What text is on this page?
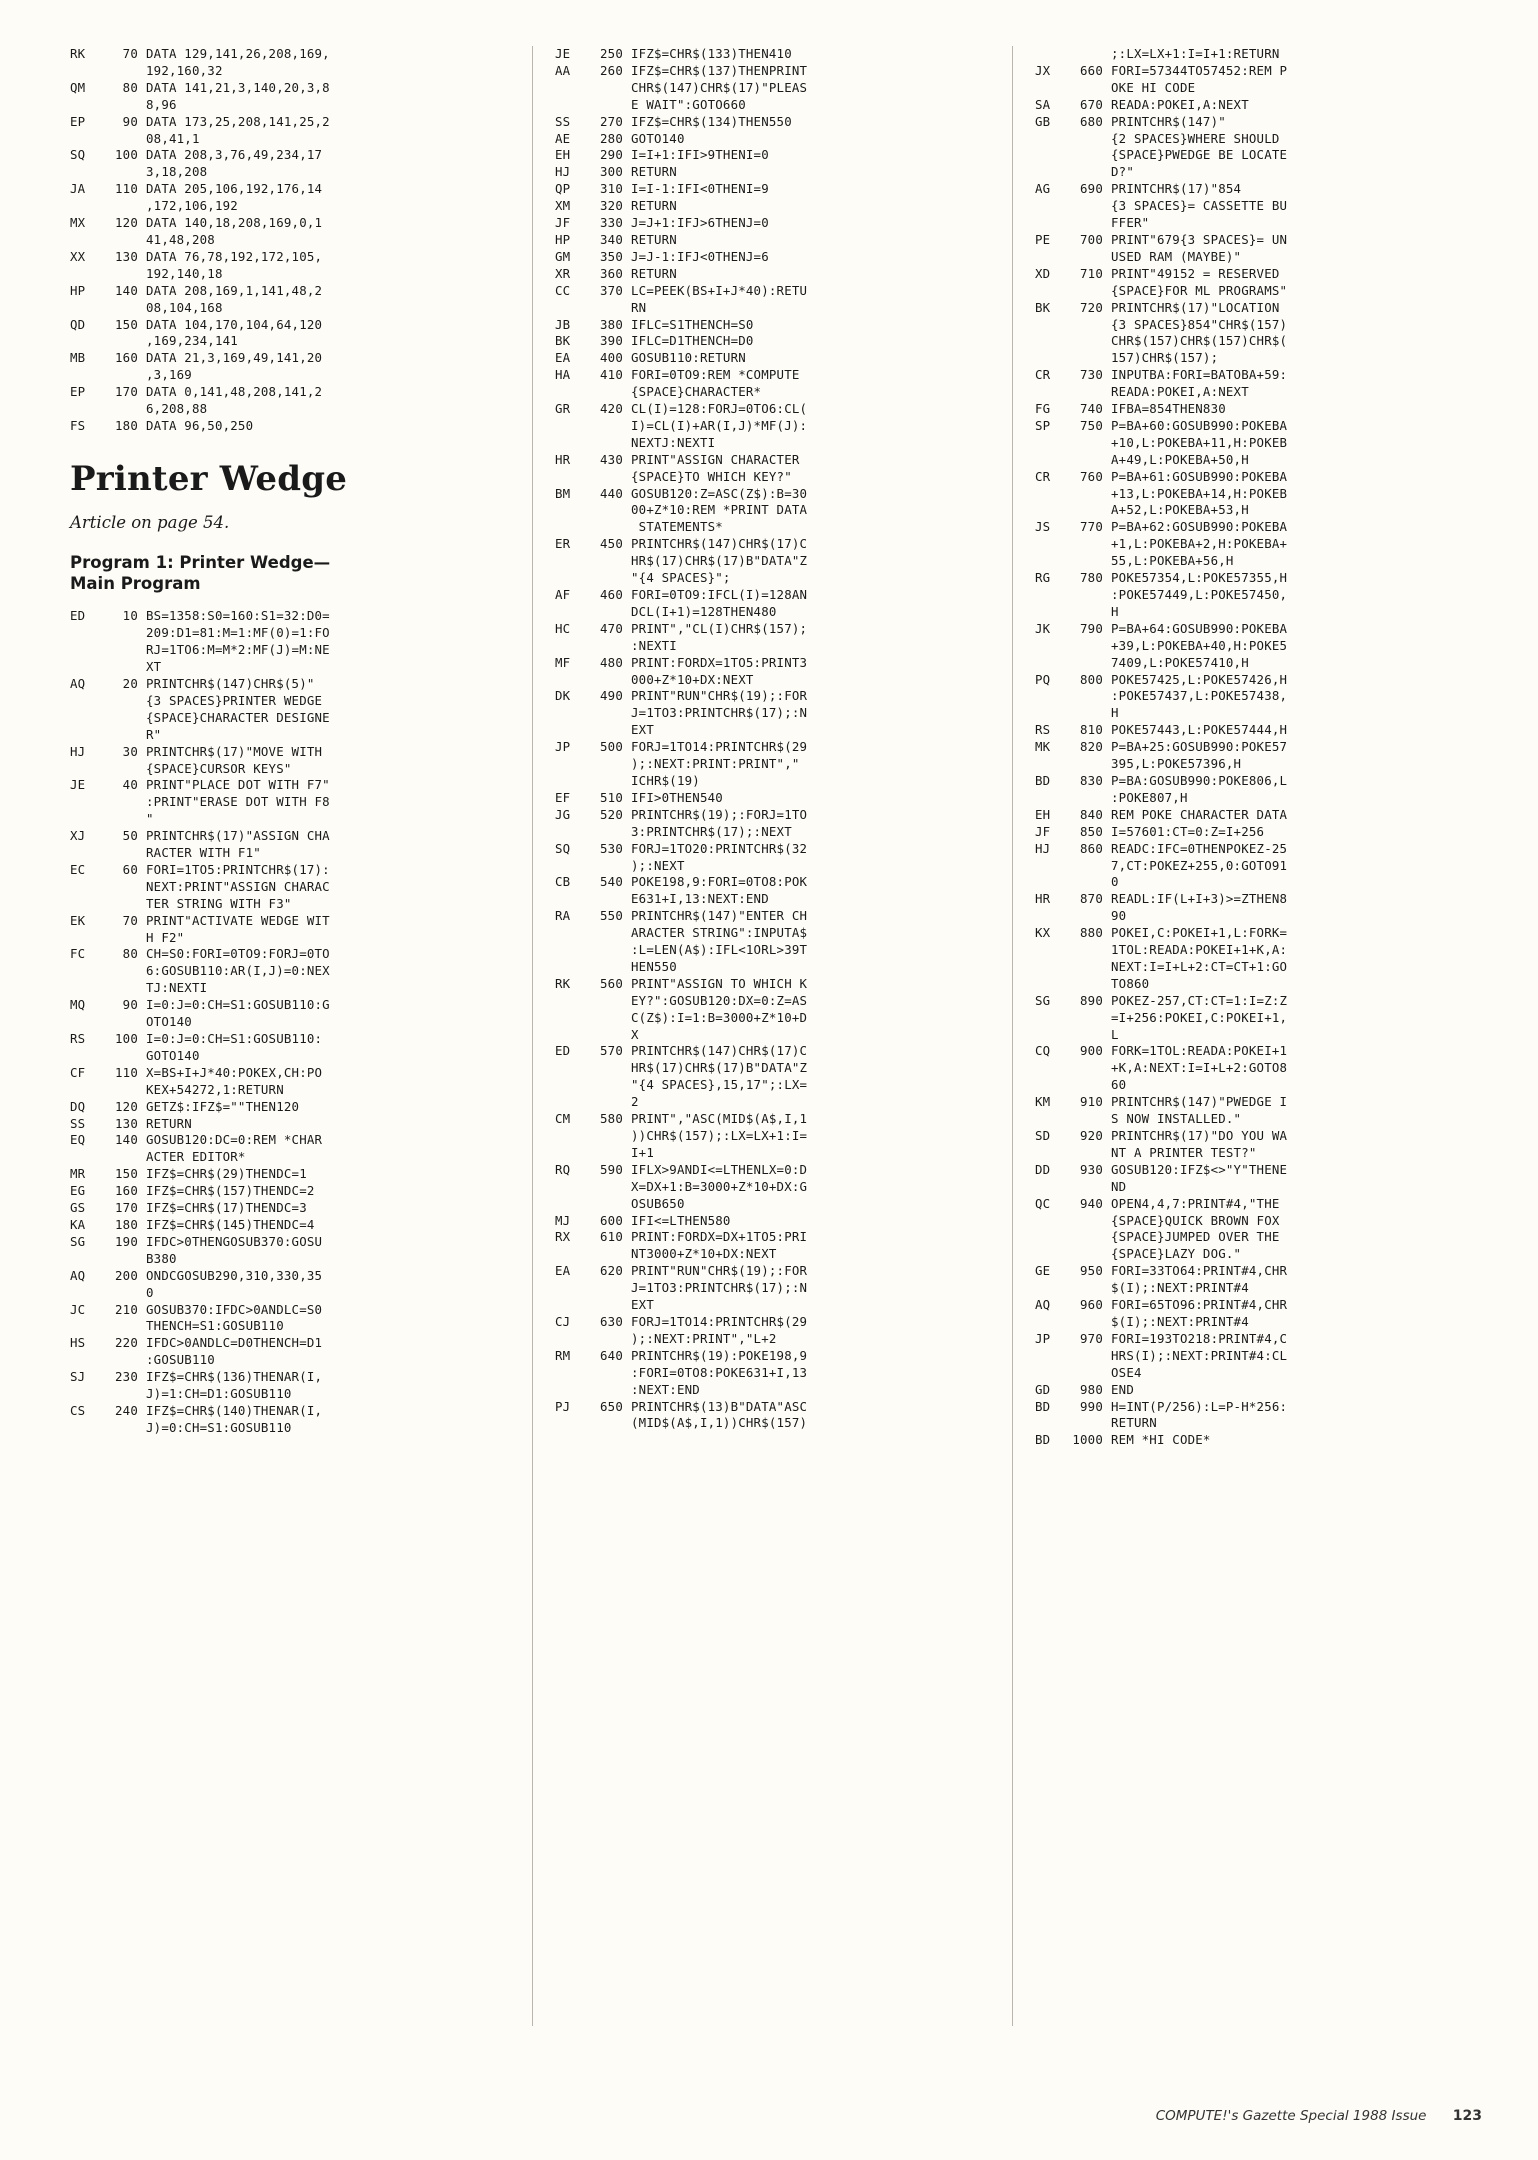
RK	70 DATA 129,141,26,208,169,
192,160,32
QM	80 DATA 141,21,3,140,20,3,8
8,96
EP	90 DATA 173,25,208,141,25,2
08,41,1
SQ	100 DATA 208,3,76,49,234,17
3,18,208
JA	110 DATA 205,106,192,176,14
,172,106,192
MX	120 DATA 140,18,208,169,0,1
41,48,208
XX	130 DATA 76,78,192,172,105,
192,140,18
HP	140 DATA 208,169,1,141,48,2
08,104,168
QD	150 DATA 104,170,104,64,120
,169,234,141
MB	160 DATA 21,3,169,49,141,20
,3,169
EP	170 DATA 0,141,48,208,141,2
6,208,88
FS	180 DATA 96,50,250
Printer Wedge
Article on page 54.
Program 1: Printer Wedge—
Main Program
ED	10 BS=1358:S0=160:S1=32:D0=
209:D1=81:M=1:MF(0)=1:FO
RJ=1TO6:M=M*2:MF(J)=M:NE
XT
AQ	20 PRINTCHR$(147)CHR$(5)"
{3 SPACES}PRINTER WEDGE
{SPACE}CHARACTER DESIGNE
R"
HJ	30 PRINTCHR$(17)"MOVE WITH
{SPACE}CURSOR KEYS"
JE	40 PRINT"PLACE DOT WITH F7"
:PRINT"ERASE DOT WITH F8
"
XJ	50 PRINTCHR$(17)"ASSIGN CHA
RACTER WITH F1"
EC	60 FORI=1TO5:PRINTCHR$(17):
NEXT:PRINT"ASSIGN CHARAC
TER STRING WITH F3"
EK	70 PRINT"ACTIVATE WEDGE WIT
H F2"
FC	80 CH=S0:FORI=0TO9:FORJ=0TO
6:GOSUB110:AR(I,J)=0:NEX
TJ:NEXTI
MQ	90 I=0:J=0:CH=S1:GOSUB110:G
OTO140
RS	100 I=0:J=0:CH=S1:GOSUB110:
GOTO140
CF	110 X=BS+I+J*40:POKEX,CH:PO
KEX+54272,1:RETURN
DQ	120 GETZ$:IFZ$=""THEN120
SS	130 RETURN
EQ	140 GOSUB120:DC=0:REM *CHAR
ACTER EDITOR*
MR	150 IFZ$=CHR$(29)THENDC=1
EG	160 IFZ$=CHR$(157)THENDC=2
GS	170 IFZ$=CHR$(17)THENDC=3
KA	180 IFZ$=CHR$(145)THENDC=4
SG	190 IFDC>0THENGOSUB370:GOSU
B380
AQ	200 ONDCGOSUB290,310,330,35
0
JC	210 GOSUB370:IFDC>0ANDLC=S0
THENCH=S1:GOSUB110
HS	220 IFDC>0ANDLC=D0THENCH=D1
:GOSUB110
SJ	230 IFZ$=CHR$(136)THENAR(I,
J)=1:CH=D1:GOSUB110
CS	240 IFZ$=CHR$(140)THENAR(I,
J)=0:CH=S1:GOSUB110
JE	250 IFZ$=CHR$(133)THEN410
AA	260 IFZ$=CHR$(137)THENPRINT
CHR$(147)CHR$(17)"PLEAS
E WAIT":GOTO660
SS	270 IFZ$=CHR$(134)THEN550
AE	280 GOTO140
EH	290 I=I+1:IFI>9THENI=0
HJ	300 RETURN
QP	310 I=I-1:IFI<0THENI=9
XM	320 RETURN
JF	330 J=J+1:IFJ>6THENJ=0
HP	340 RETURN
GM	350 J=J-1:IFJ<0THENJ=6
XR	360 RETURN
CC	370 LC=PEEK(BS+I+J*40):RETU
RN
JB	380 IFLC=S1THENCH=S0
BK	390 IFLC=D1THENCH=D0
EA	400 GOSUB110:RETURN
HA	410 FORI=0TO9:REM *COMPUTE
{SPACE}CHARACTER*
GR	420 CL(I)=128:FORJ=0TO6:CL(
I)=CL(I)+AR(I,J)*MF(J):
NEXTJ:NEXTI
HR	430 PRINT"ASSIGN CHARACTER
{SPACE}TO WHICH KEY?"
BM	440 GOSUB120:Z=ASC(Z$):B=30
00+Z*10:REM *PRINT DATA
STATEMENTS*
ER	450 PRINTCHR$(147)CHR$(17)C
HR$(17)CHR$(17)B"DATA"Z
"{4 SPACES}";
AF	460 FORI=0TO9:IFCL(I)=128AN
DCL(I+1)=128THEN480
HC	470 PRINT","CL(I)CHR$(157);
:NEXTI
MF	480 PRINT:FORDX=1TO5:PRINT3
000+Z*10+DX:NEXT
DK	490 PRINT"RUN"CHR$(19);:FOR
J=1TO3:PRINTCHR$(17);:N
EXT
JP	500 FORJ=1TO14:PRINTCHR$(29
);:NEXT:PRINT:PRINT","
ICHR$(19)
EF	510 IFI>0THEN540
JG	520 PRINTCHR$(19);:FORJ=1TO
3:PRINTCHR$(17);:NEXT
SQ	530 FORJ=1TO20:PRINTCHR$(32
);:NEXT
CB	540 POKE198,9:FORI=0TO8:POK
E631+I,13:NEXT:END
RA	550 PRINTCHR$(147)"ENTER CH
ARACTER STRING":INPUTA$
:L=LEN(A$):IFL<1ORL>39T
HEN550
RK	560 PRINT"ASSIGN TO WHICH K
EY?":GOSUB120:DX=0:Z=AS
C(Z$):I=1:B=3000+Z*10+D
X
ED	570 PRINTCHR$(147)CHR$(17)C
HR$(17)CHR$(17)B"DATA"Z
"{4 SPACES},15,17";:LX=
2
CM	580 PRINT","ASC(MID$(A$,I,1
))CHR$(157);:LX=LX+1:I=
I+1
RQ	590 IFLX>9ANDI<=LTHENLX=0:D
X=DX+1:B=3000+Z*10+DX:G
OSUB650
MJ	600 IFI<=LTHEN580
RX	610 PRINT:FORDX=DX+1TO5:PRI
NT3000+Z*10+DX:NEXT
EA	620 PRINT"RUN"CHR$(19);:FOR
J=1TO3:PRINTCHR$(17);:N
EXT
CJ	630 FORJ=1TO14:PRINTCHR$(29
);:NEXT:PRINT","L+2
RM	640 PRINTCHR$(19):POKE198,9
:FORI=0TO8:POKE631+I,13
:NEXT:END
PJ	650 PRINTCHR$(13)B"DATA"ASC
(MID$(A$,I,1))CHR$(157)
;:LX=LX+1:I=I+1:RETURN
JX	660 FORI=57344TO57452:REM P
OKE HI CODE
SA	670 READA:POKEI,A:NEXT
GB	680 PRINTCHR$(147)"
{2 SPACES}WHERE SHOULD
{SPACE}PWEDGE BE LOCATE
D?"
AG	690 PRINTCHR$(17)"854
{3 SPACES}= CASSETTE BU
FFER"
PE	700 PRINT"679{3 SPACES}= UN
USED RAM (MAYBE)"
XD	710 PRINT"49152 = RESERVED
{SPACE}FOR ML PROGRAMS"
BK	720 PRINTCHR$(17)"LOCATION
{3 SPACES}854"CHR$(157)
CHR$(157)CHR$(157)CHR$(
157)CHR$(157);
CR	730 INPUTBA:FORI=BATOBA+59:
READA:POKEI,A:NEXT
FG	740 IFBA=854THEN830
SP	750 P=BA+60:GOSUB990:POKEBA
+10,L:POKEBA+11,H:POKEB
A+49,L:POKEBA+50,H
CR	760 P=BA+61:GOSUB990:POKEBA
+13,L:POKEBA+14,H:POKEB
A+52,L:POKEBA+53,H
JS	770 P=BA+62:GOSUB990:POKEBA
+1,L:POKEBA+2,H:POKEBA+
55,L:POKEBA+56,H
RG	780 POKE57354,L:POKE57355,H
:POKE57449,L:POKE57450,
H
JK	790 P=BA+64:GOSUB990:POKEBA
+39,L:POKEBA+40,H:POKE5
7409,L:POKE57410,H
PQ	800 POKE57425,L:POKE57426,H
:POKE57437,L:POKE57438,
H
RS	810 POKE57443,L:POKE57444,H
MK	820 P=BA+25:GOSUB990:POKE57
395,L:POKE57396,H
BD	830 P=BA:GOSUB990:POKE806,L
:POKE807,H
EH	840 REM POKE CHARACTER DATA
JF	850 I=57601:CT=0:Z=I+256
HJ	860 READC:IFC=0THENPOKEZ-25
7,CT:POKEZ+255,0:GOTO91
0
HR	870 READL:IF(L+I+3)>=ZTHEN8
90
KX	880 POKEI,C:POKEI+1,L:FORK=
1TOL:READA:POKEI+1+K,A:
NEXT:I=I+L+2:CT=CT+1:GO
TO860
SG	890 POKEZ-257,CT:CT=1:I=Z:Z
=I+256:POKEI,C:POKEI+1,
L
CQ	900 FORK=1TOL:READA:POKEI+1
+K,A:NEXT:I=I+L+2:GOTO8
60
KM	910 PRINTCHR$(147)"PWEDGE I
S NOW INSTALLED."
SD	920 PRINTCHR$(17)"DO YOU WA
NT A PRINTER TEST?"
DD	930 GOSUB120:IFZ$<>"Y"THENE
ND
QC	940 OPEN4,4,7:PRINT#4,"THE
{SPACE}QUICK BROWN FOX
{SPACE}JUMPED OVER THE
{SPACE}LAZY DOG."
GE	950 FORI=33TO64:PRINT#4,CHR
$(I);:NEXT:PRINT#4
AQ	960 FORI=65TO96:PRINT#4,CHR
$(I);:NEXT:PRINT#4
JP	970 FORI=193TO218:PRINT#4,C
HRS(I);:NEXT:PRINT#4:CL
OSE4
GD	980 END
BD	990 H=INT(P/256):L=P-H*256:
RETURN
BD	1000 REM *HI CODE*
COMPUTE!'s Gazette Special 1988 Issue 123
